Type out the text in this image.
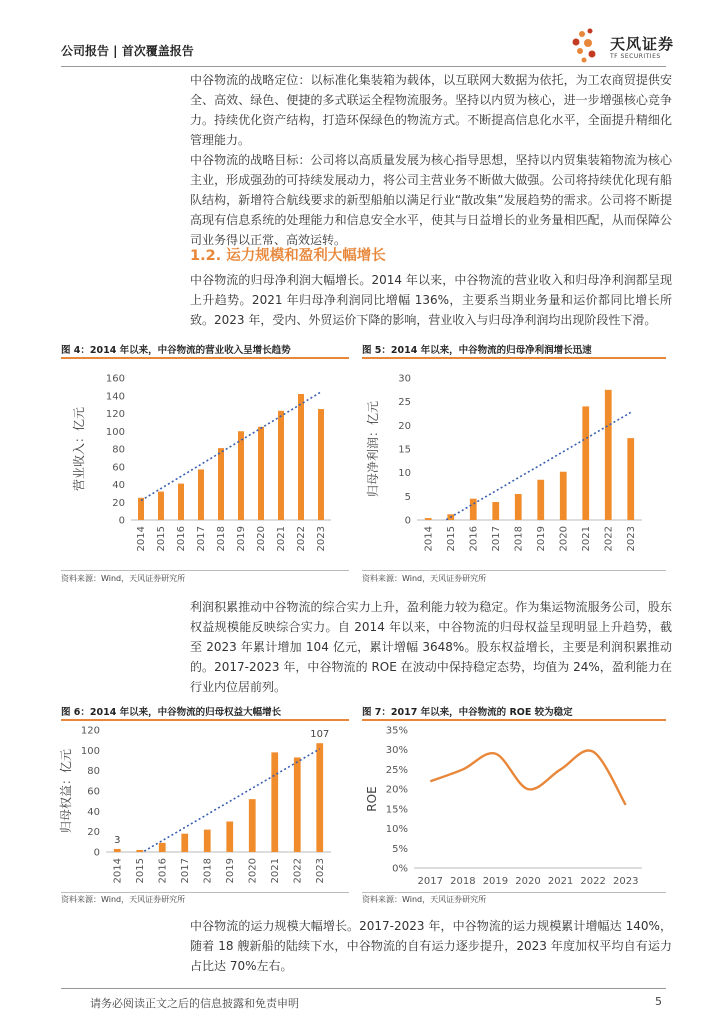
公司报告 | 首次覆盖报告	天风证券
TF SECURITIES

中谷物流的战略定位：以标准化集装箱为载体，以互联网大数据为依托，为工农商贸提供安全、高效、绿色、便捷的多式联运全程物流服务。坚持以内贸为核心，进一步增强核心竞争力。持续优化资产结构，打造环保绿色的物流方式。不断提高信息化水平，全面提升精细化管理能力。

中谷物流的战略目标：公司将以高质量发展为核心指导思想，坚持以内贸集装箱物流为核心主业，形成强劲的可持续发展动力，将公司主营业务不断做大做强。公司将持续优化现有船队结构，新增符合航线要求的新型船舶以满足行业“散改集”发展趋势的需求。公司将不断提高现有信息系统的处理能力和信息安全水平，使其与日益增长的业务量相匹配，从而保障公司业务得以正常、高效运转。

1.2. 运力规模和盈利大幅增长

中谷物流的归母净利润大幅增长。2014 年以来，中谷物流的营业收入和归母净利润都呈现上升趋势。2021 年归母净利润同比增幅 136%，主要系当期业务量和运价都同比增长所致。2023 年，受内、外贸运价下降的影响，营业收入与归母净利润均出现阶段性下滑。

图 4：2014 年以来，中谷物流的营业收入呈增长趋势
0
20
40
60
80
100
120
140
160
营业收入：亿元
2014 2015 2016 2017 2018 2019 2020 2021 2022 2023
资料来源：Wind，天风证券研究所
图 5：2014 年以来，中谷物流的归母净利润增长迅速
0
5
10
15
20
25
30
归母净利润：亿元
2014 2015 2016 2017 2018 2019 2020 2021 2022 2023
资料来源：Wind，天风证券研究所

利润积累推动中谷物流的综合实力上升，盈利能力较为稳定。作为集运物流服务公司，股东权益规模能反映综合实力。自 2014 年以来，中谷物流的归母权益呈现明显上升趋势，截至 2023 年累计增加 104 亿元，累计增幅 3648%。股东权益增长，主要是利润积累推动的。2017-2023 年，中谷物流的 ROE 在波动中保持稳定态势，均值为 24%，盈利能力在行业内位居前列。

图 6：2014 年以来，中谷物流的归母权益大幅增长
0
20
40
60
80
100
120
归母权益：亿元
2014 2015 2016 2017 2018 2019 2020 2021 2022 2023
3
107
资料来源：Wind，天风证券研究所
图 7：2017 年以来，中谷物流的 ROE 较为稳定
0%
5%
10%
15%
20%
25%
30%
35%
ROE
2017 2018 2019 2020 2021 2022 2023
资料来源：Wind，天风证券研究所

中谷物流的运力规模大幅增长。2017-2023 年，中谷物流的运力规模累计增幅达 140%，随着 18 艘新船的陆续下水，中谷物流的自有运力逐步提升，2023 年度加权平均自有运力占比达 70%左右。

请务必阅读正文之后的信息披露和免责申明	5
